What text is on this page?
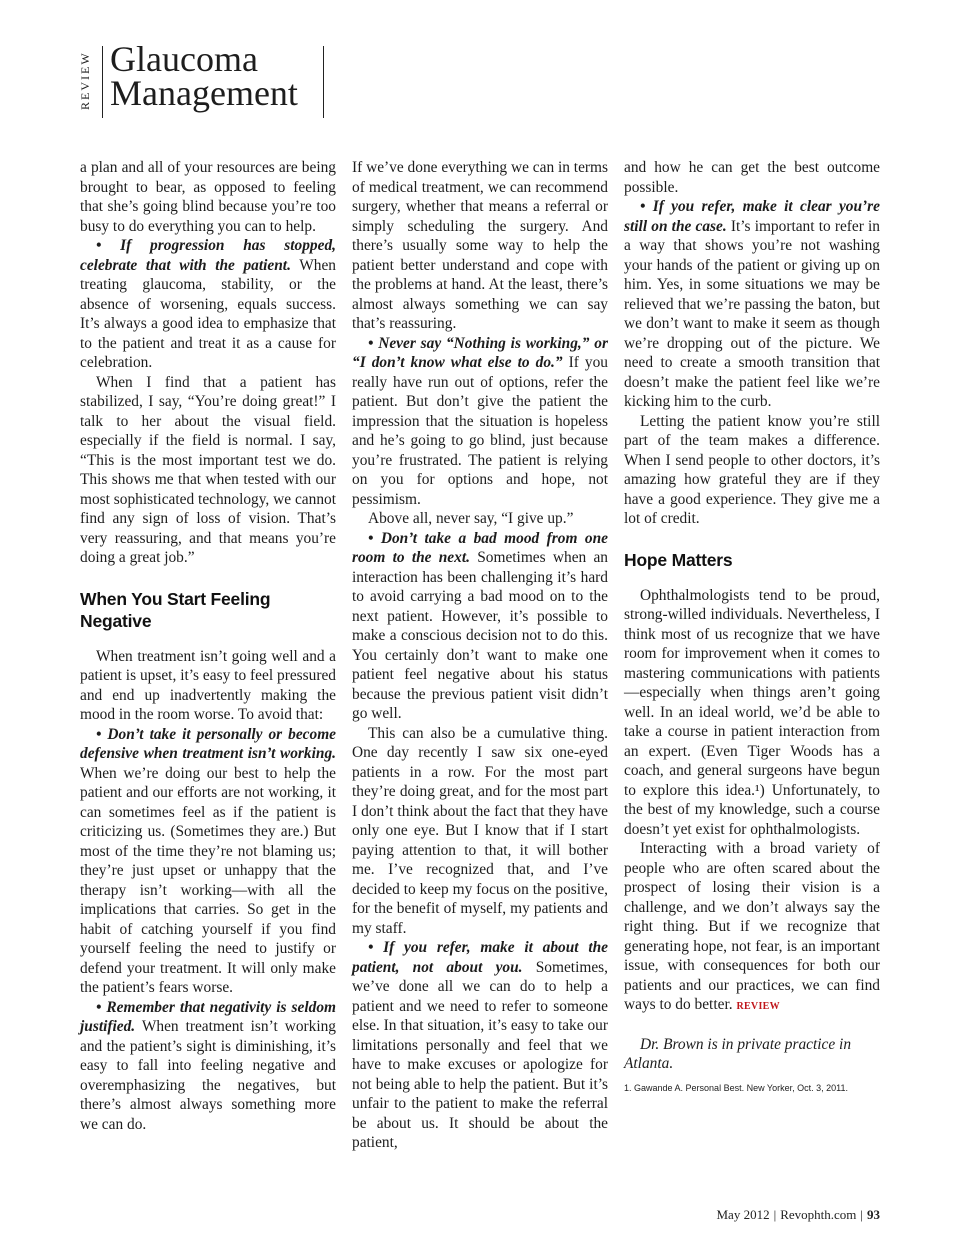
REVIEW Glaucoma
Management

a plan and all of your resources are being brought to bear, as opposed to feeling that she’s going blind because you’re too busy to do everything you can to help.

• If progression has stopped, celebrate that with the patient. When treating glaucoma, stability, or the absence of worsening, equals success. It’s always a good idea to emphasize that to the patient and treat it as a cause for celebration.

When I find that a patient has stabilized, I say, “You’re doing great!” I talk to her about the visual field. especially if the field is normal. I say, “This is the most important test we do. This shows me that when tested with our most sophisticated technology, we cannot find any sign of loss of vision. That’s very reassuring, and that means you’re doing a great job.”

When You Start Feeling Negative

When treatment isn’t going well and a patient is upset, it’s easy to feel pressured and end up inadvertently making the mood in the room worse. To avoid that:

• Don’t take it personally or become defensive when treatment isn’t working. When we’re doing our best to help the patient and our efforts are not working, it can sometimes feel as if the patient is criticizing us. (Sometimes they are.) But most of the time they’re not blaming us; they’re just upset or unhappy that the therapy isn’t working—with all the implications that carries. So get in the habit of catching yourself if you find yourself feeling the need to justify or defend your treatment. It will only make the patient’s fears worse.

• Remember that negativity is seldom justified. When treatment isn’t working and the patient’s sight is diminishing, it’s easy to fall into feeling negative and overemphasizing the negatives, but there’s almost always something more we can do.

If we’ve done everything we can in terms of medical treatment, we can recommend surgery, whether that means a referral or simply scheduling the surgery. And there’s usually some way to help the patient better understand and cope with the problems at hand. At the least, there’s almost always something we can say that’s reassuring.

• Never say “Nothing is working,” or “I don’t know what else to do.” If you really have run out of options, refer the patient. But don’t give the patient the impression that the situation is hopeless and he’s going to go blind, just because you’re frustrated. The patient is relying on you for options and hope, not pessimism.

Above all, never say, “I give up.”

• Don’t take a bad mood from one room to the next. Sometimes when an interaction has been challenging it’s hard to avoid carrying a bad mood on to the next patient. However, it’s possible to make a conscious decision not to do this. You certainly don’t want to make one patient feel negative about his status because the previous patient visit didn’t go well.

This can also be a cumulative thing. One day recently I saw six one-eyed patients in a row. For the most part they’re doing great, and for the most part I don’t think about the fact that they have only one eye. But I know that if I start paying attention to that, it will bother me. I’ve recognized that, and I’ve decided to keep my focus on the positive, for the benefit of myself, my patients and my staff.

• If you refer, make it about the patient, not about you. Sometimes, we’ve done all we can do to help a patient and we need to refer to someone else. In that situation, it’s easy to take our limitations personally and feel that we have to make excuses or apologize for not being able to help the patient. But it’s unfair to the patient to make the referral be about us. It should be about the patient,

and how he can get the best outcome possible.

• If you refer, make it clear you’re still on the case. It’s important to refer in a way that shows you’re not washing your hands of the patient or giving up on him. Yes, in some situations we may be relieved that we’re passing the baton, but we don’t want to make it seem as though we’re dropping out of the picture. We need to create a smooth transition that doesn’t make the patient feel like we’re kicking him to the curb.

Letting the patient know you’re still part of the team makes a difference. When I send people to other doctors, it’s amazing how grateful they are if they have a good experience. They give me a lot of credit.

Hope Matters

Ophthalmologists tend to be proud, strong-willed individuals. Nevertheless, I think most of us recognize that we have room for improvement when it comes to mastering communications with patients—especially when things aren’t going well. In an ideal world, we’d be able to take a course in patient interaction from an expert. (Even Tiger Woods has a coach, and general surgeons have begun to explore this idea.¹) Unfortunately, to the best of my knowledge, such a course doesn’t yet exist for ophthalmologists.

Interacting with a broad variety of people who are often scared about the prospect of losing their vision is a challenge, and we don’t always say the right thing. But if we recognize that generating hope, not fear, is an important issue, with consequences for both our patients and our practices, we can find ways to do better. REVIEW

Dr. Brown is in private practice in Atlanta.

1. Gawande A. Personal Best. New Yorker, Oct. 3, 2011.

May 2012 | Revophth.com | 93
